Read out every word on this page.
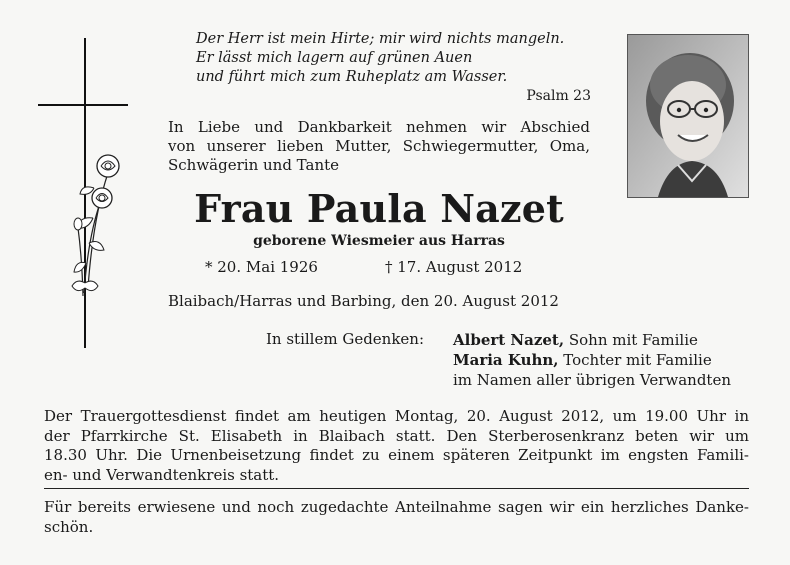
Der Herr ist mein Hirte; mir wird nichts mangeln.
Er lässt mich lagern auf grünen Auen
und führt mich zum Ruheplatz am Wasser.
Psalm 23
In Liebe und Dankbarkeit nehmen wir Abschied
von unserer lieben Mutter, Schwiegermutter, Oma,
Schwägerin und Tante
Frau Paula Nazet
geborene Wiesmeier aus Harras
* 20. Mai 1926	† 17. August 2012
Blaibach/Harras und Barbing, den 20. August 2012
In stillem Gedenken: Albert Nazet, Sohn mit Familie
Maria Kuhn, Tochter mit Familie
im Namen aller übrigen Verwandten
Der Trauergottesdienst findet am heutigen Montag, 20. August 2012, um 19.00 Uhr in
der Pfarrkirche St. Elisabeth in Blaibach statt. Den Sterberosenkranz beten wir um
18.30 Uhr. Die Urnenbeisetzung findet zu einem späteren Zeitpunkt im engsten Famili-
en- und Verwandtenkreis statt.
Für bereits erwiesene und noch zugedachte Anteilnahme sagen wir ein herzliches Danke-
schön.
